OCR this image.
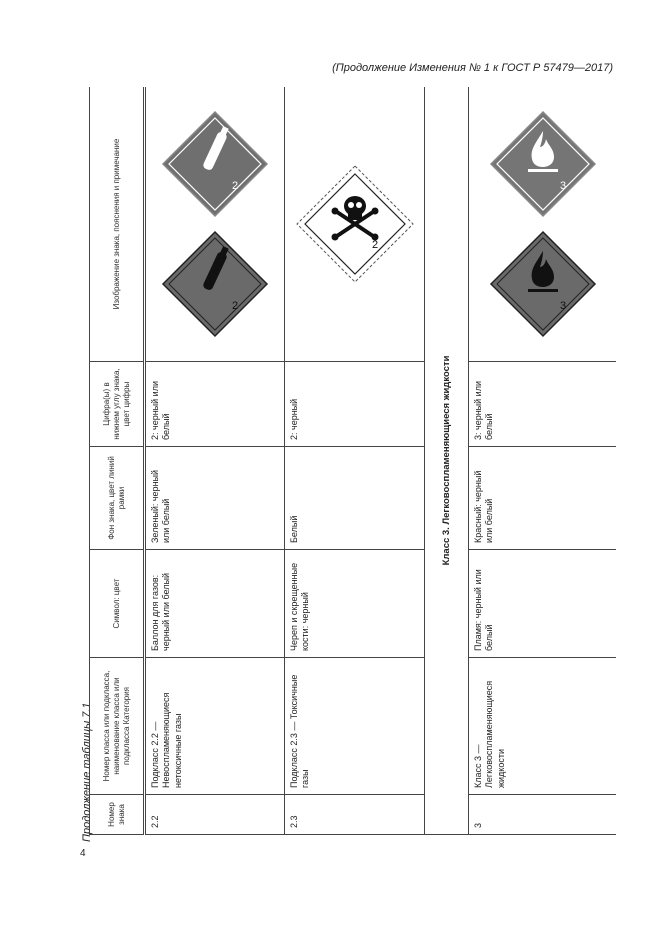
(Продолжение Изменения № 1 к ГОСТ Р 57479—2017)
4
Продолжение таблицы 7.1 Номер знака	Номер класса или подкласса, наименование класса или подкласса Категория	Символ: цвет	Фон знака, цвет линий рамки	Цифра(ы) в нижнем углу знака, цвет цифры	Изображение знака, пояснения и примечание
2.2	Подкласс 2.2 — Невоспламеняющиеся нетоксичные газы	Баллон для газов: черный или белый	Зеленый: черный или белый	2: черный или белый	2

2

2.3	Подкласс 2.3 — Токсичные газы	Череп и скрещенные кости: черный	Белый	2: черный	2

Класс 3. Легковоспламеняющиеся жидкости					
3	Класс 3 — Легковоспламеняющиеся жидкости	Пламя: черный или белый	Красный: черный или белый	3: черный или белый	3

3
